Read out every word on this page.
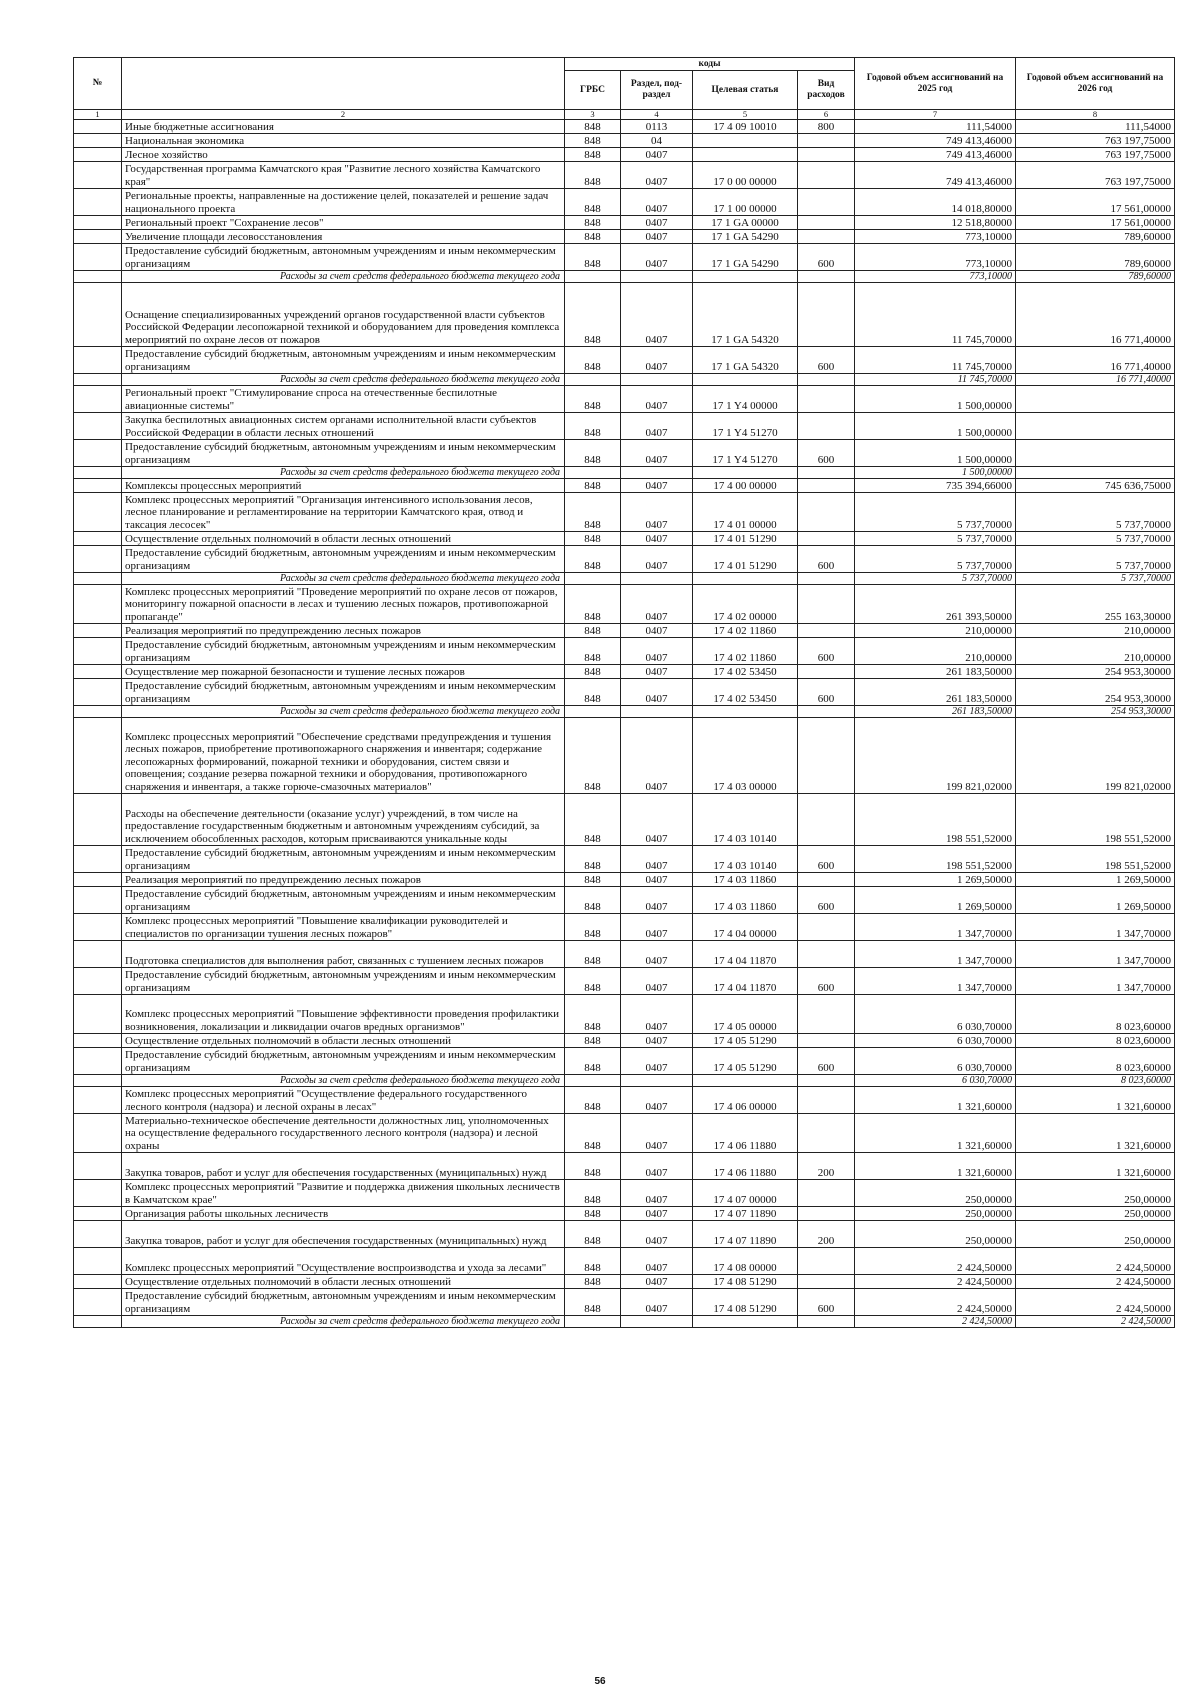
№		коды				Годовой объем ассигнований на 2025 год	Годовой объем ассигнований на 2026 год
		ГРБС	Раздел, под-раздел	Целевая статья	Вид расходов		
1	2	3	4	5	6	7	8
	Иные бюджетные ассигнования	848	0113	17 4 09 10010	800	111,54000	111,54000
	Национальная экономика	848	04			749 413,46000	763 197,75000
	Лесное хозяйство	848	0407			749 413,46000	763 197,75000
	Государственная программа Камчатского края "Развитие лесного хозяйства Камчатского края"	848	0407	17 0 00 00000		749 413,46000	763 197,75000
	Региональные проекты, направленные на достижение целей, показателей и решение задач национального проекта	848	0407	17 1 00 00000		14 018,80000	17 561,00000
	Региональный проект "Сохранение лесов"	848	0407	17 1 GA 00000		12 518,80000	17 561,00000
	Увеличение площади лесовосстановления	848	0407	17 1 GA 54290		773,10000	789,60000
	Предоставление субсидий бюджетным, автономным учреждениям и иным некоммерческим организациям	848	0407	17 1 GA 54290	600	773,10000	789,60000
	Расходы за счет средств федерального бюджета текущего года					773,10000	789,60000
	Оснащение специализированных учреждений органов государственной власти субъектов Российской Федерации лесопожарной техникой и оборудованием для проведения комплекса мероприятий по охране лесов от пожаров	848	0407	17 1 GA 54320		11 745,70000	16 771,40000
	Предоставление субсидий бюджетным, автономным учреждениям и иным некоммерческим организациям	848	0407	17 1 GA 54320	600	11 745,70000	16 771,40000
	Расходы за счет средств федерального бюджета текущего года					11 745,70000	16 771,40000
	Региональный проект "Стимулирование спроса на отечественные беспилотные авиационные системы"	848	0407	17 1 Y4 00000		1 500,00000	
	Закупка беспилотных авиационных систем органами исполнительной власти субъектов Российской Федерации в области лесных отношений	848	0407	17 1 Y4 51270		1 500,00000	
	Предоставление субсидий бюджетным, автономным учреждениям и иным некоммерческим организациям	848	0407	17 1 Y4 51270	600	1 500,00000	
	Расходы за счет средств федерального бюджета текущего года					1 500,00000	
	Комплексы процессных мероприятий	848	0407	17 4 00 00000		735 394,66000	745 636,75000
	Комплекс процессных мероприятий "Организация интенсивного использования лесов, лесное планирование и регламентирование на территории Камчатского края, отвод и таксация лесосек"	848	0407	17 4 01 00000		5 737,70000	5 737,70000
	Осуществление отдельных полномочий в области лесных отношений	848	0407	17 4 01 51290		5 737,70000	5 737,70000
	Предоставление субсидий бюджетным, автономным учреждениям и иным некоммерческим организациям	848	0407	17 4 01 51290	600	5 737,70000	5 737,70000
	Расходы за счет средств федерального бюджета текущего года					5 737,70000	5 737,70000
	Комплекс процессных мероприятий "Проведение мероприятий по охране лесов от пожаров, мониторингу пожарной опасности в лесах и тушению лесных пожаров, противопожарной пропаганде"	848	0407	17 4 02 00000		261 393,50000	255 163,30000
	Реализация мероприятий по предупреждению лесных пожаров	848	0407	17 4 02 11860		210,00000	210,00000
	Предоставление субсидий бюджетным, автономным учреждениям и иным некоммерческим организациям	848	0407	17 4 02 11860	600	210,00000	210,00000
	Осуществление мер пожарной безопасности и тушение лесных пожаров	848	0407	17 4 02 53450		261 183,50000	254 953,30000
	Предоставление субсидий бюджетным, автономным учреждениям и иным некоммерческим организациям	848	0407	17 4 02 53450	600	261 183,50000	254 953,30000
	Расходы за счет средств федерального бюджета текущего года					261 183,50000	254 953,30000
	Комплекс процессных мероприятий "Обеспечение средствами предупреждения и тушения лесных пожаров, приобретение противопожарного снаряжения и инвентаря; содержание лесопожарных формирований, пожарной техники и оборудования, систем связи и оповещения; создание резерва пожарной техники и оборудования, противопожарного снаряжения и инвентаря, а также горюче-смазочных материалов"	848	0407	17 4 03 00000		199 821,02000	199 821,02000
	Расходы на обеспечение деятельности (оказание услуг) учреждений, в том числе на предоставление государственным бюджетным и автономным учреждениям субсидий, за исключением обособленных расходов, которым присваиваются уникальные коды	848	0407	17 4 03 10140		198 551,52000	198 551,52000
	Предоставление субсидий бюджетным, автономным учреждениям и иным некоммерческим организациям	848	0407	17 4 03 10140	600	198 551,52000	198 551,52000
	Реализация мероприятий по предупреждению лесных пожаров	848	0407	17 4 03 11860		1 269,50000	1 269,50000
	Предоставление субсидий бюджетным, автономным учреждениям и иным некоммерческим организациям	848	0407	17 4 03 11860	600	1 269,50000	1 269,50000
	Комплекс процессных мероприятий "Повышение квалификации руководителей и специалистов по организации тушения лесных пожаров"	848	0407	17 4 04 00000		1 347,70000	1 347,70000
	Подготовка специалистов для выполнения работ, связанных с тушением лесных пожаров	848	0407	17 4 04 11870		1 347,70000	1 347,70000
	Предоставление субсидий бюджетным, автономным учреждениям и иным некоммерческим организациям	848	0407	17 4 04 11870	600	1 347,70000	1 347,70000
	Комплекс процессных мероприятий "Повышение эффективности проведения профилактики возникновения, локализации и ликвидации очагов вредных организмов"	848	0407	17 4 05 00000		6 030,70000	8 023,60000
	Осуществление отдельных полномочий в области лесных отношений	848	0407	17 4 05 51290		6 030,70000	8 023,60000
	Предоставление субсидий бюджетным, автономным учреждениям и иным некоммерческим организациям	848	0407	17 4 05 51290	600	6 030,70000	8 023,60000
	Расходы за счет средств федерального бюджета текущего года					6 030,70000	8 023,60000
	Комплекс процессных мероприятий "Осуществление федерального государственного лесного контроля (надзора) и лесной охраны в лесах"	848	0407	17 4 06 00000		1 321,60000	1 321,60000
	Материально-техническое обеспечение деятельности должностных лиц, уполномоченных на осуществление федерального государственного лесного контроля (надзора) и лесной охраны	848	0407	17 4 06 11880		1 321,60000	1 321,60000
	Закупка товаров, работ и услуг для обеспечения государственных (муниципальных) нужд	848	0407	17 4 06 11880	200	1 321,60000	1 321,60000
	Комплекс процессных мероприятий "Развитие и поддержка движения школьных лесничеств в Камчатском крае"	848	0407	17 4 07 00000		250,00000	250,00000
	Организация работы школьных лесничеств	848	0407	17 4 07 11890		250,00000	250,00000
	Закупка товаров, работ и услуг для обеспечения государственных (муниципальных) нужд	848	0407	17 4 07 11890	200	250,00000	250,00000
	Комплекс процессных мероприятий "Осуществление воспроизводства и ухода за лесами"	848	0407	17 4 08 00000		2 424,50000	2 424,50000
	Осуществление отдельных полномочий в области лесных отношений	848	0407	17 4 08 51290		2 424,50000	2 424,50000
	Предоставление субсидий бюджетным, автономным учреждениям и иным некоммерческим организациям	848	0407	17 4 08 51290	600	2 424,50000	2 424,50000
	Расходы за счет средств федерального бюджета текущего года					2 424,50000	2 424,50000
56
